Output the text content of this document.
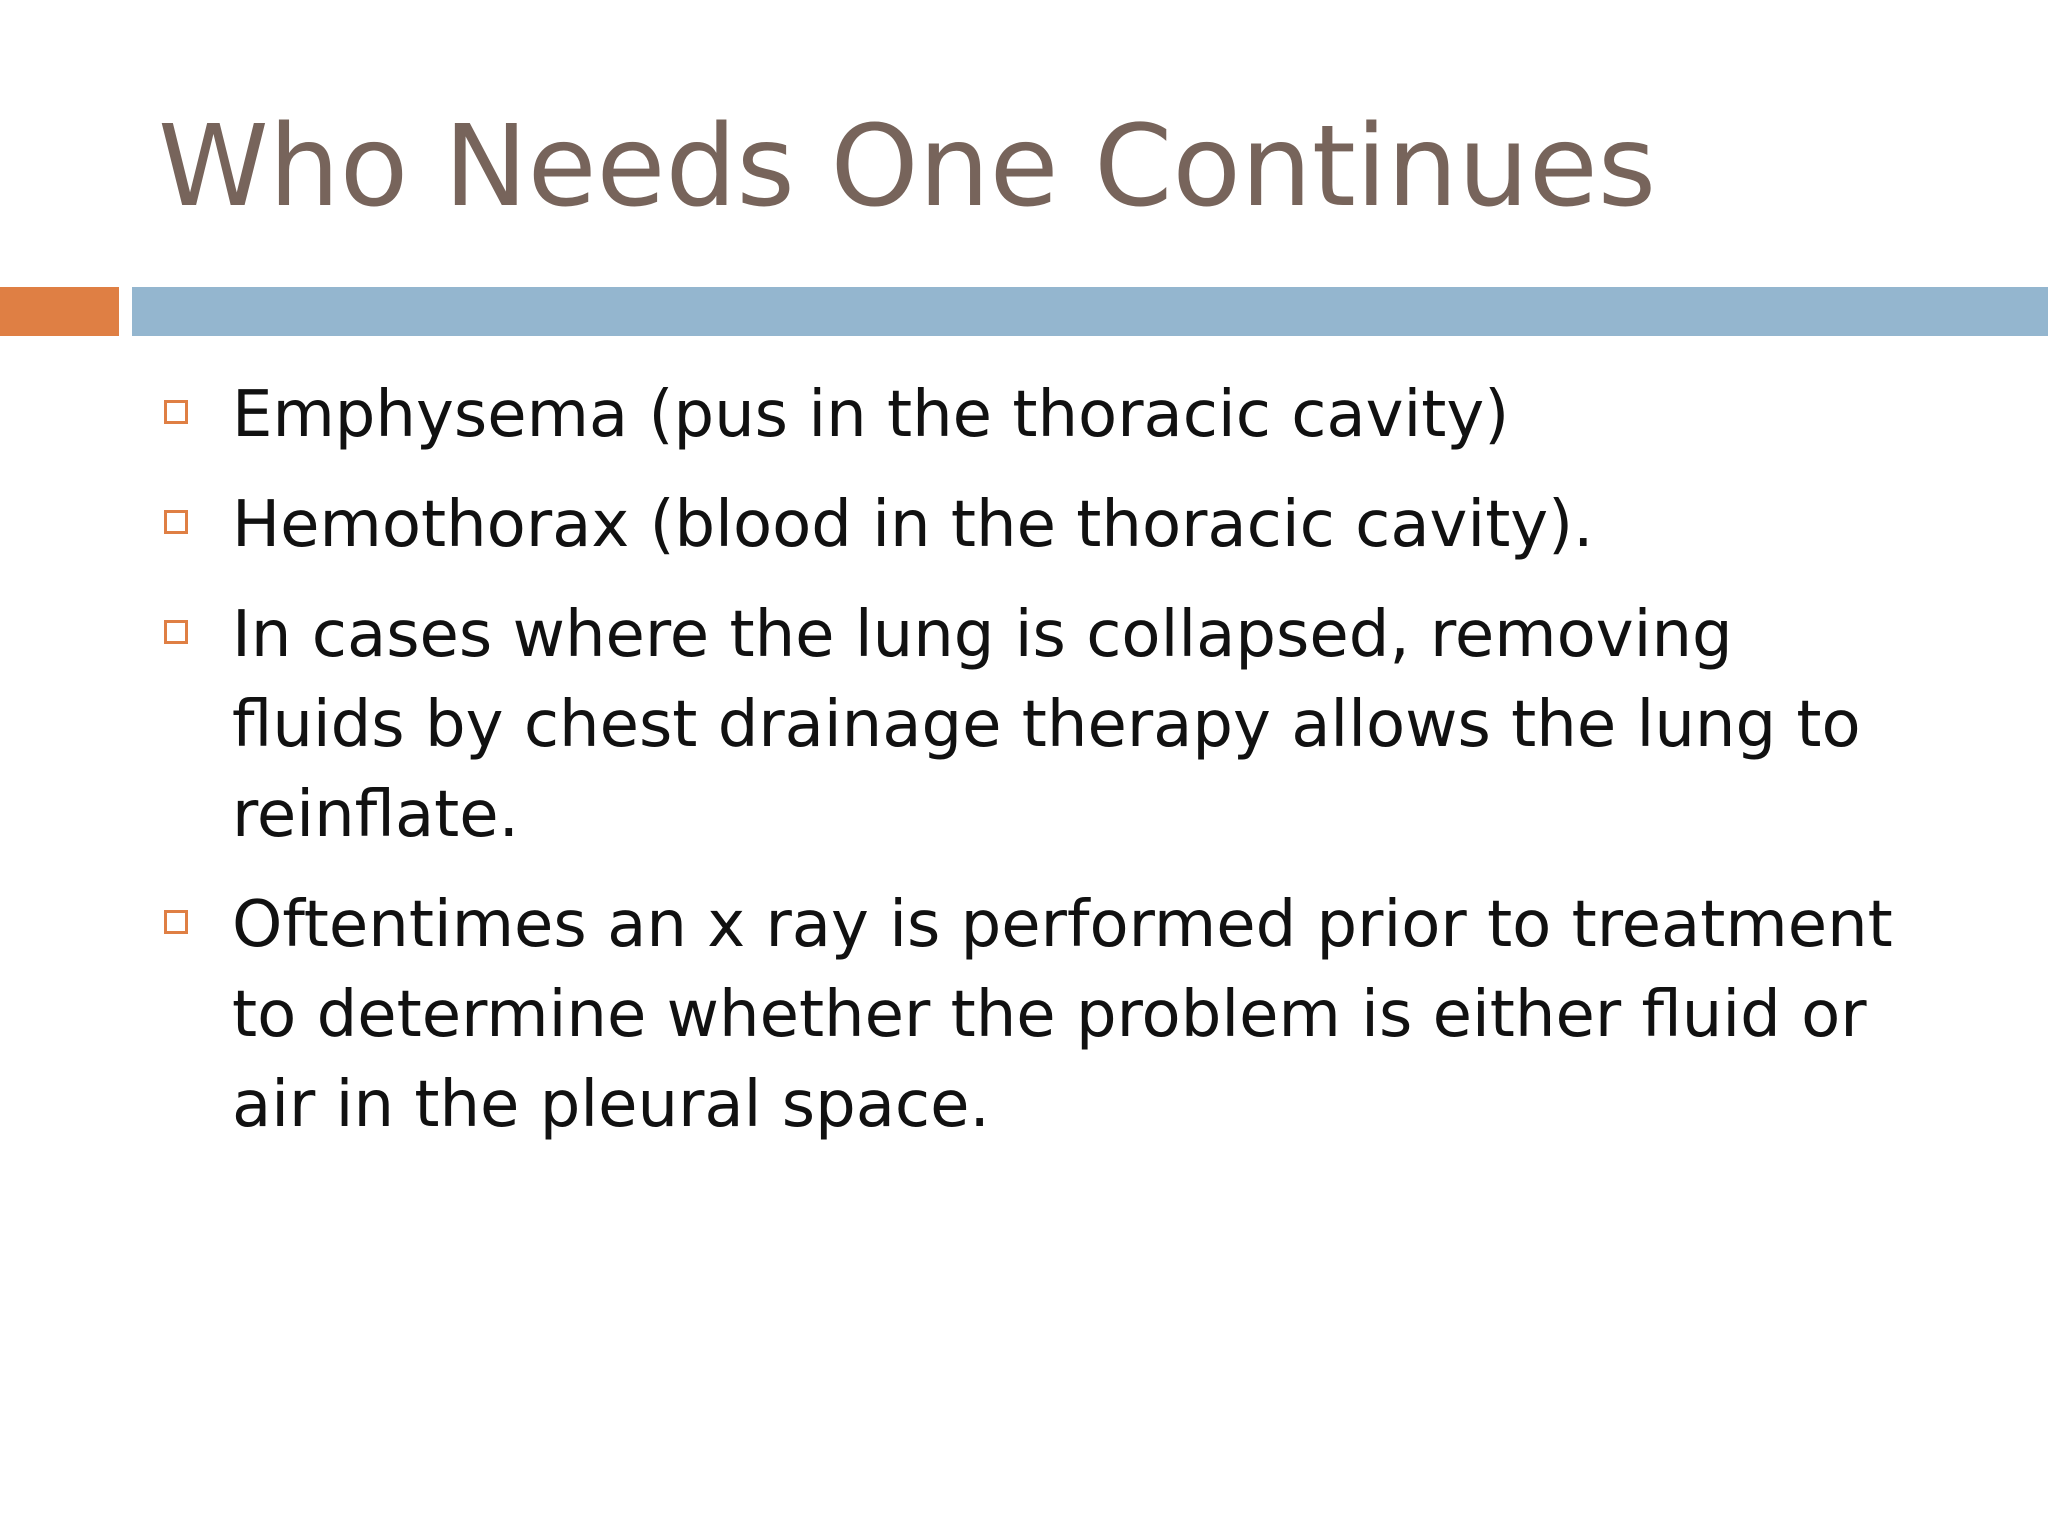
Who Needs One Continues
Emphysema (pus in the thoracic cavity)
Hemothorax (blood in the thoracic cavity).
In cases where the lung is collapsed, removing fluids by chest drainage therapy allows the lung to reinflate.
Oftentimes an x ray is performed prior to treatment to determine whether the problem is either fluid or air in the pleural space.
